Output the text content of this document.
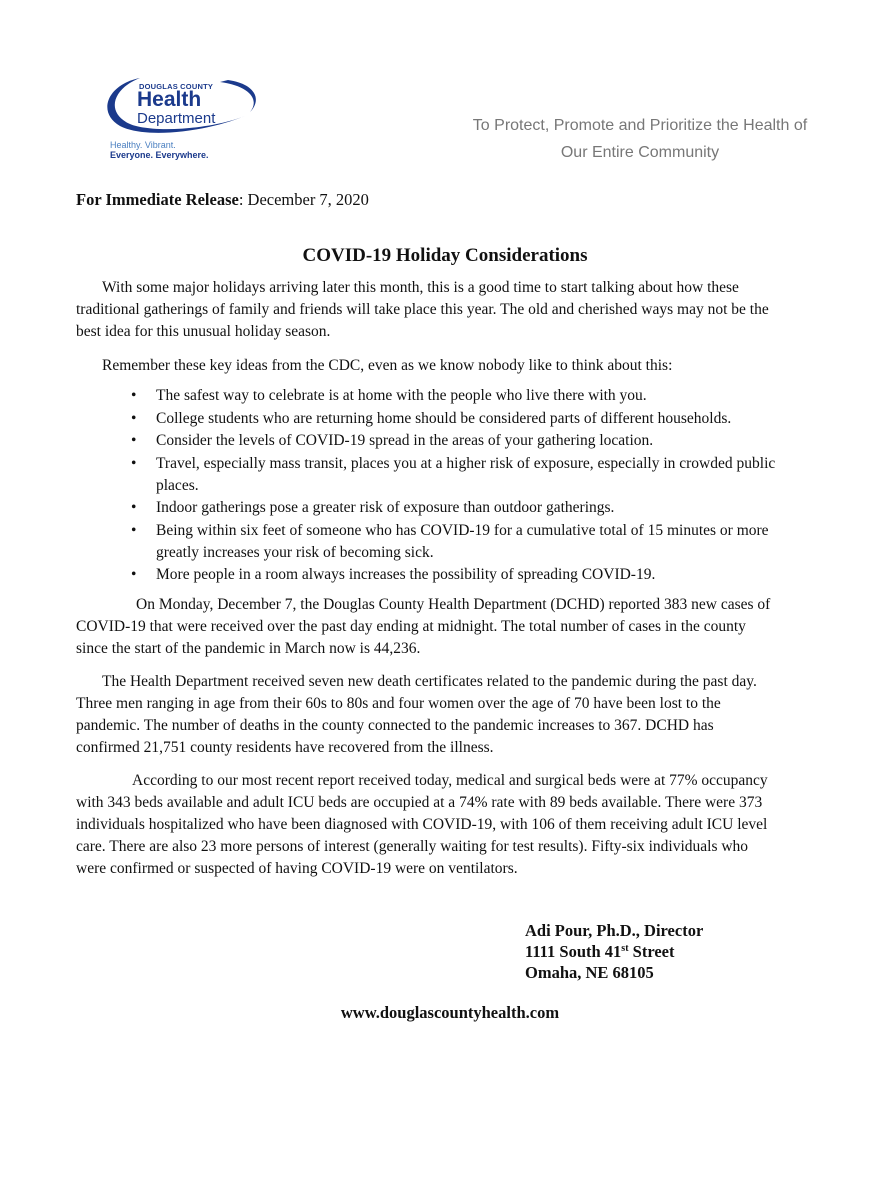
DOUGLAS COUNTY
Health
Department
Healthy. Vibrant.
Everyone. Everywhere.
To Protect, Promote and Prioritize the Health of
Our Entire Community
For Immediate Release: December 7, 2020
COVID-19 Holiday Considerations

With some major holidays arriving later this month, this is a good time to start talking about how these traditional gatherings of family and friends will take place this year. The old and cherished ways may not be the best idea for this unusual holiday season.

Remember these key ideas from the CDC, even as we know nobody like to think about this:

• The safest way to celebrate is at home with the people who live there with you.
• College students who are returning home should be considered parts of different households.
• Consider the levels of COVID-19 spread in the areas of your gathering location.
• Travel, especially mass transit, places you at a higher risk of exposure, especially in crowded public places.
• Indoor gatherings pose a greater risk of exposure than outdoor gatherings.
• Being within six feet of someone who has COVID-19 for a cumulative total of 15 minutes or more greatly increases your risk of becoming sick.
• More people in a room always increases the possibility of spreading COVID-19.

On Monday, December 7, the Douglas County Health Department (DCHD) reported 383 new cases of COVID-19 that were received over the past day ending at midnight. The total number of cases in the county since the start of the pandemic in March now is 44,236.

The Health Department received seven new death certificates related to the pandemic during the past day. Three men ranging in age from their 60s to 80s and four women over the age of 70 have been lost to the pandemic. The number of deaths in the county connected to the pandemic increases to 367. DCHD has confirmed 21,751 county residents have recovered from the illness.

According to our most recent report received today, medical and surgical beds were at 77% occupancy with 343 beds available and adult ICU beds are occupied at a 74% rate with 89 beds available. There were 373 individuals hospitalized who have been diagnosed with COVID-19, with 106 of them receiving adult ICU level care. There are also 23 more persons of interest (generally waiting for test results). Fifty-six individuals who were confirmed or suspected of having COVID-19 were on ventilators.

Adi Pour, Ph.D., Director
1111 South 41st Street
Omaha, NE 68105
www.douglascountyhealth.com
